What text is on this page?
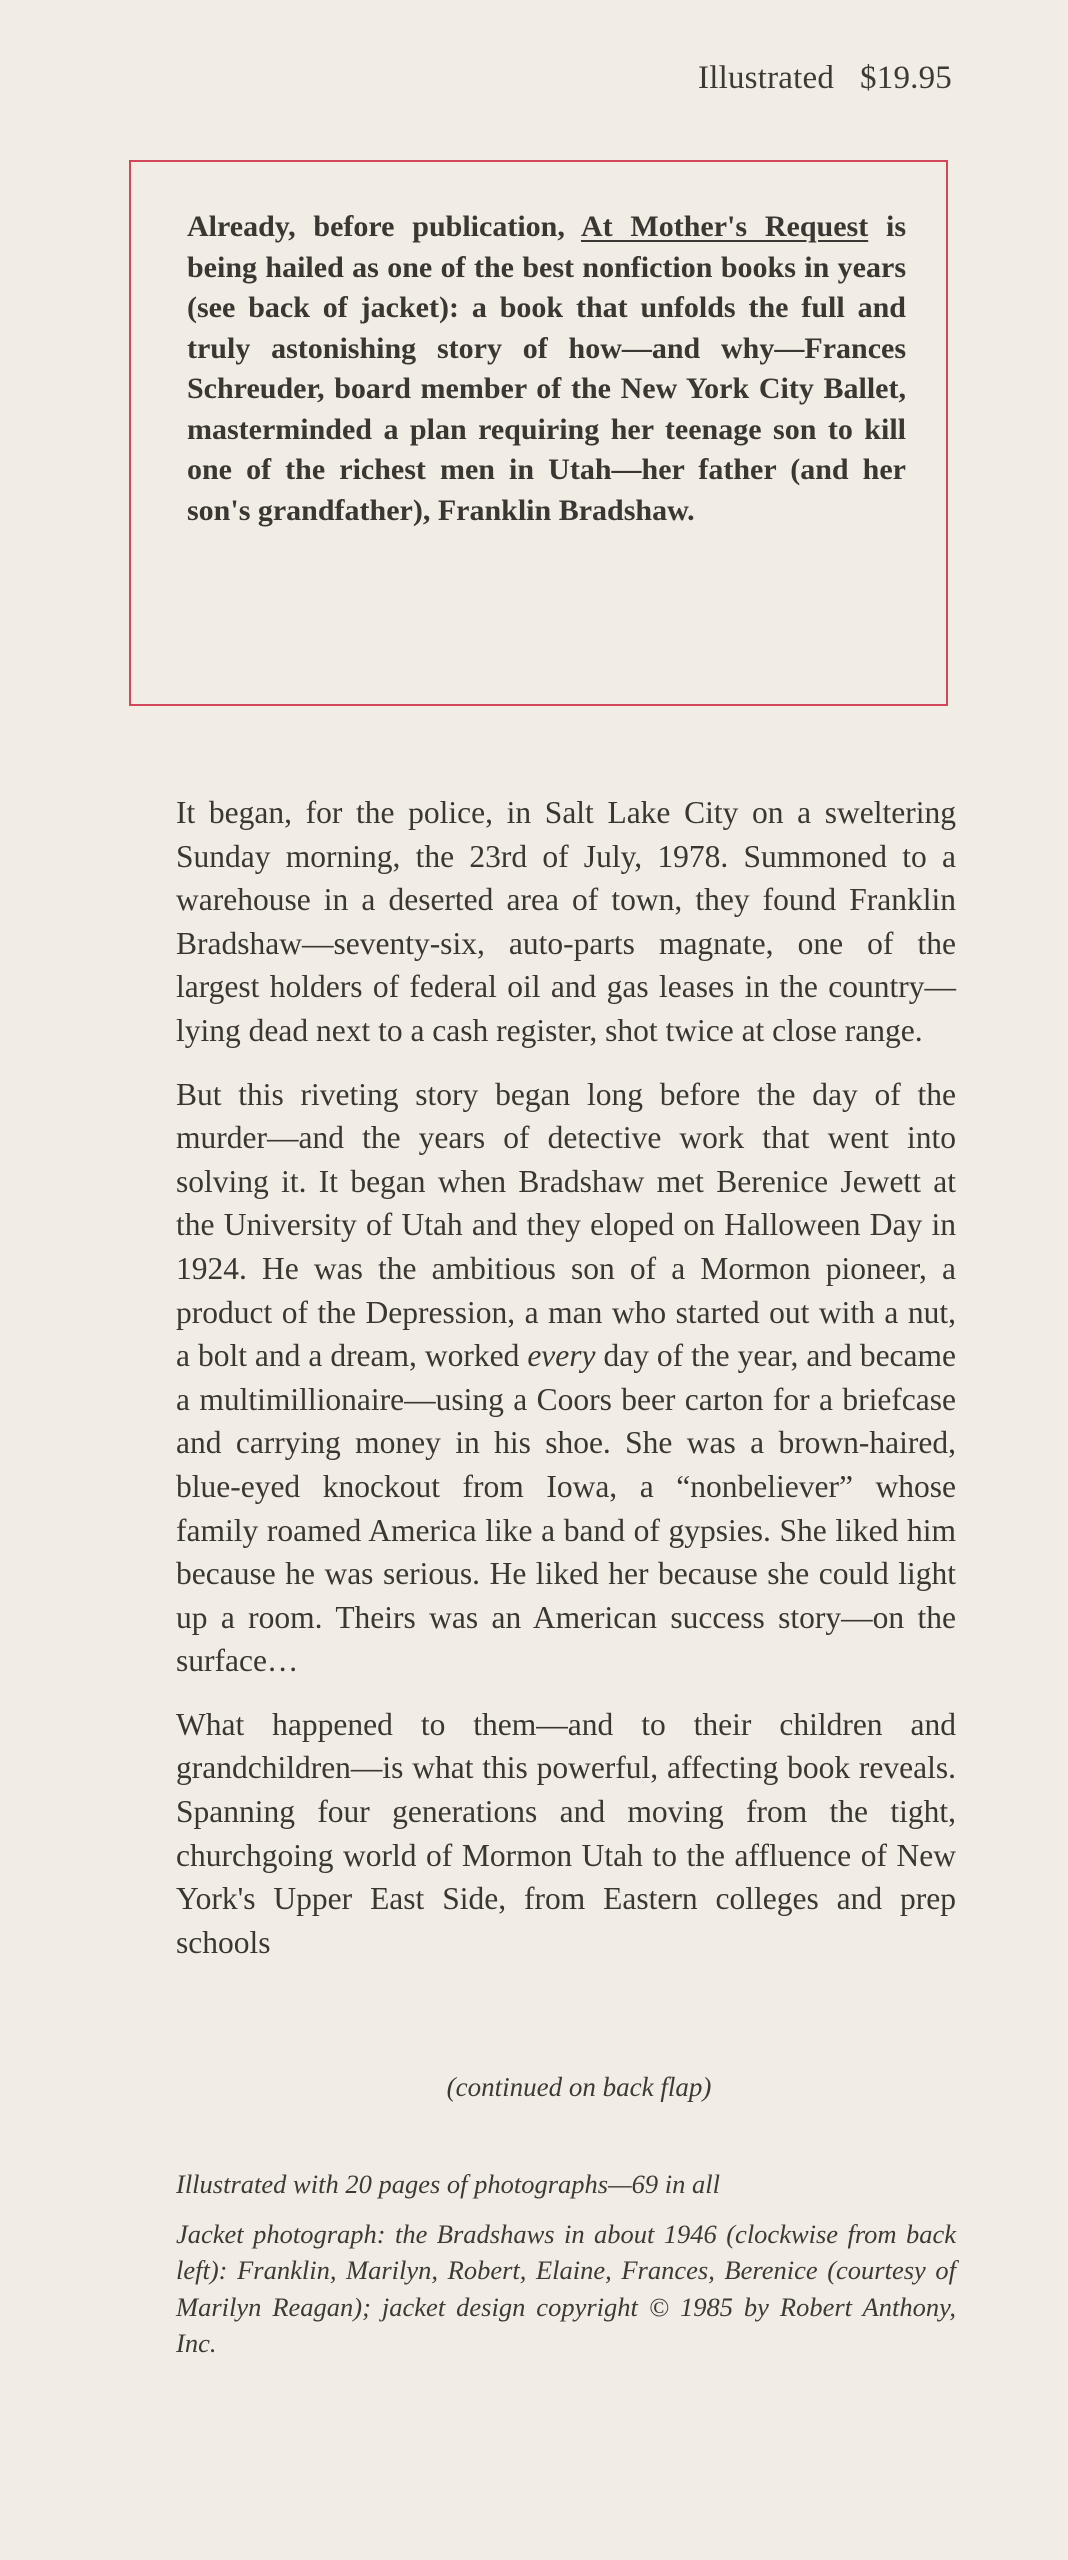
Illustrated $19.95

Already, before publication, At Mother's Request is being hailed as one of the best nonfiction books in years (see back of jacket): a book that unfolds the full and truly astonishing story of how—and why—Frances Schreuder, board member of the New York City Ballet, masterminded a plan requiring her teenage son to kill one of the richest men in Utah—her father (and her son's grandfather), Franklin Bradshaw.

It began, for the police, in Salt Lake City on a sweltering Sunday morning, the 23rd of July, 1978. Summoned to a warehouse in a deserted area of town, they found Franklin Bradshaw—seventy-six, auto-parts magnate, one of the largest holders of federal oil and gas leases in the country—lying dead next to a cash register, shot twice at close range.

But this riveting story began long before the day of the murder—and the years of detective work that went into solving it. It began when Bradshaw met Berenice Jewett at the University of Utah and they eloped on Halloween Day in 1924. He was the ambitious son of a Mormon pioneer, a product of the Depression, a man who started out with a nut, a bolt and a dream, worked every day of the year, and became a multimillionaire—using a Coors beer carton for a briefcase and carrying money in his shoe. She was a brown-haired, blue-eyed knockout from Iowa, a “nonbeliever” whose family roamed America like a band of gypsies. She liked him because he was serious. He liked her because she could light up a room. Theirs was an American success story—on the surface…

What happened to them—and to their children and grandchildren—is what this powerful, affecting book reveals. Spanning four generations and moving from the tight, churchgoing world of Mormon Utah to the affluence of New York's Upper East Side, from Eastern colleges and prep schools

(continued on back flap)

Illustrated with 20 pages of photographs—69 in all

Jacket photograph: the Bradshaws in about 1946 (clockwise from back left): Franklin, Marilyn, Robert, Elaine, Frances, Berenice (courtesy of Marilyn Reagan); jacket design copyright © 1985 by Robert Anthony, Inc.
